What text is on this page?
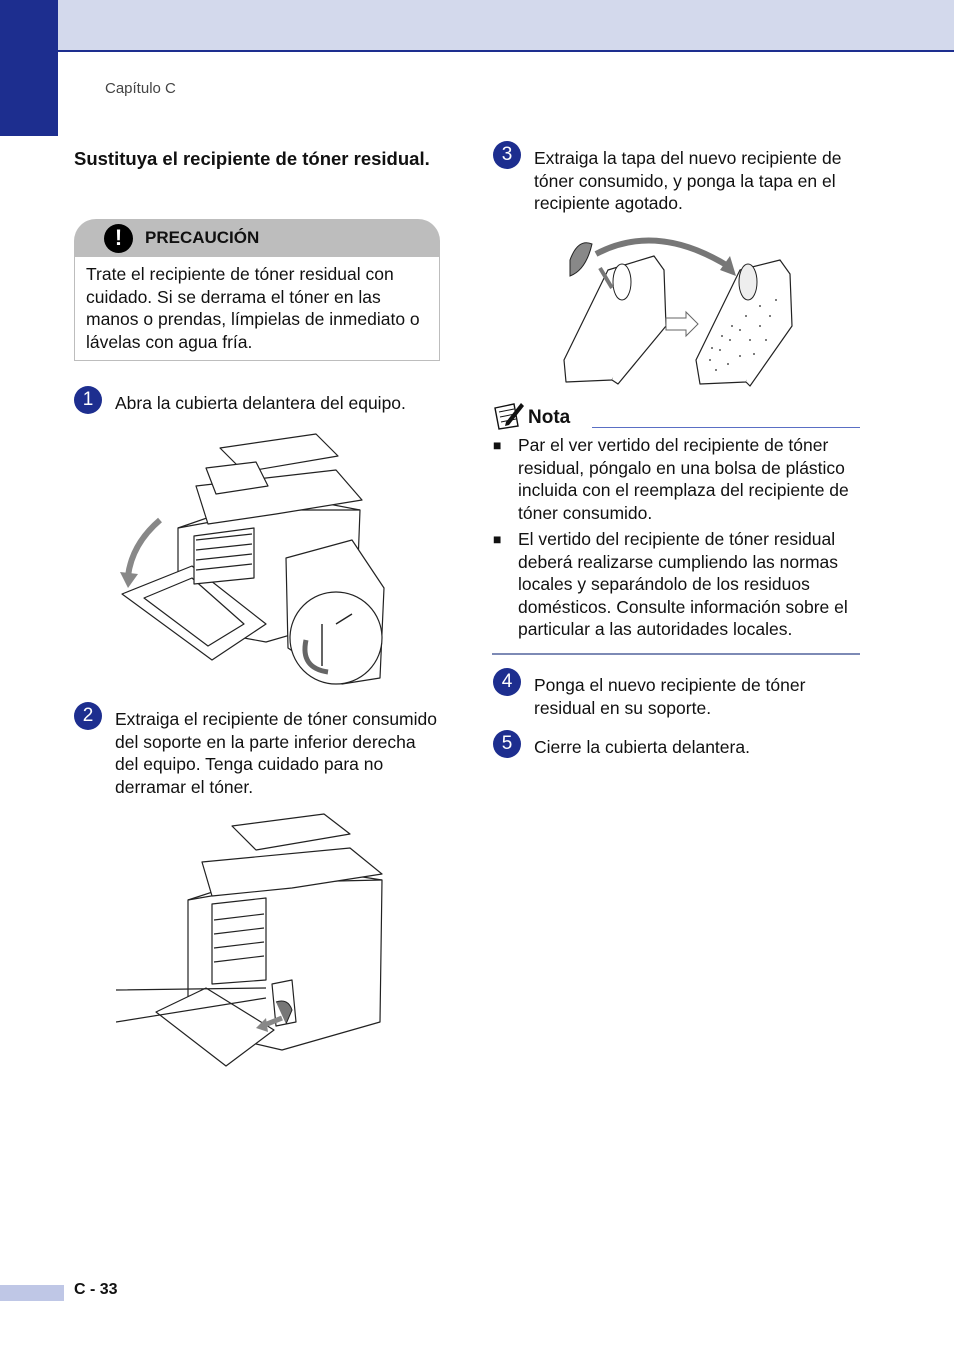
Capítulo C
Sustituya el recipiente de tóner residual.
!	PRECAUCIÓN
Trate el recipiente de tóner residual con cuidado. Si se derrama el tóner en las manos o prendas, límpielas de inmediato o lávelas con agua fría.
1	Abra la cubierta delantera del equipo.
2	Extraiga el recipiente de tóner consumido del soporte en la parte inferior derecha del equipo. Tenga cuidado para no derramar el tóner.
3	Extraiga la tapa del nuevo recipiente de tóner consumido, y ponga la tapa en el recipiente agotado.
Nota
■ Par el ver vertido del recipiente de tóner residual, póngalo en una bolsa de plástico incluida con el reemplaza del recipiente de tóner consumido.
■ El vertido del recipiente de tóner residual deberá realizarse cumpliendo las normas locales y separándolo de los residuos domésticos. Consulte información sobre el particular a las autoridades locales.
4	Ponga el nuevo recipiente de tóner residual en su soporte.
5	Cierre la cubierta delantera.
C - 33
